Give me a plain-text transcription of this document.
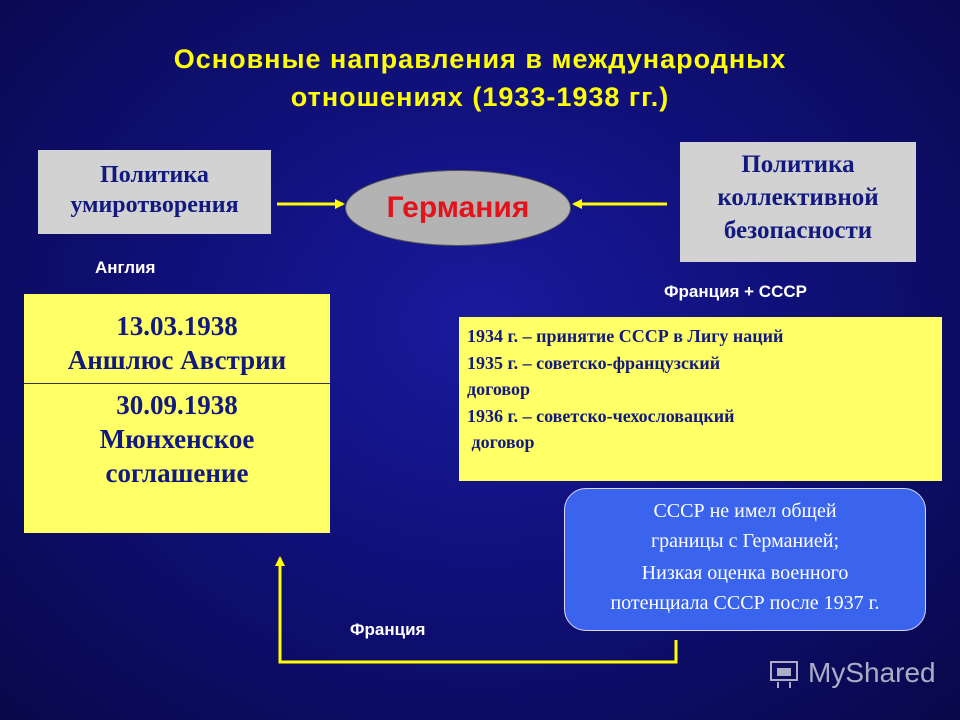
Основные направления в международных
отношениях (1933-1938 гг.)
Политика
умиротворения	Германия
Политика
коллективной
безопасности
Англия
Франция + СССР
13.03.1938
Аншлюс Австрии
30.09.1938
Мюнхенское
соглашение
1934 г. – принятие СССР в Лигу наций
1935 г. – советско-французский
договор
1936 г. – советско-чехословацкий
договор
СССР не имел общей
границы с Германией;
Низкая оценка военного
потенциала СССР после 1937 г.
Франция
MyShared
